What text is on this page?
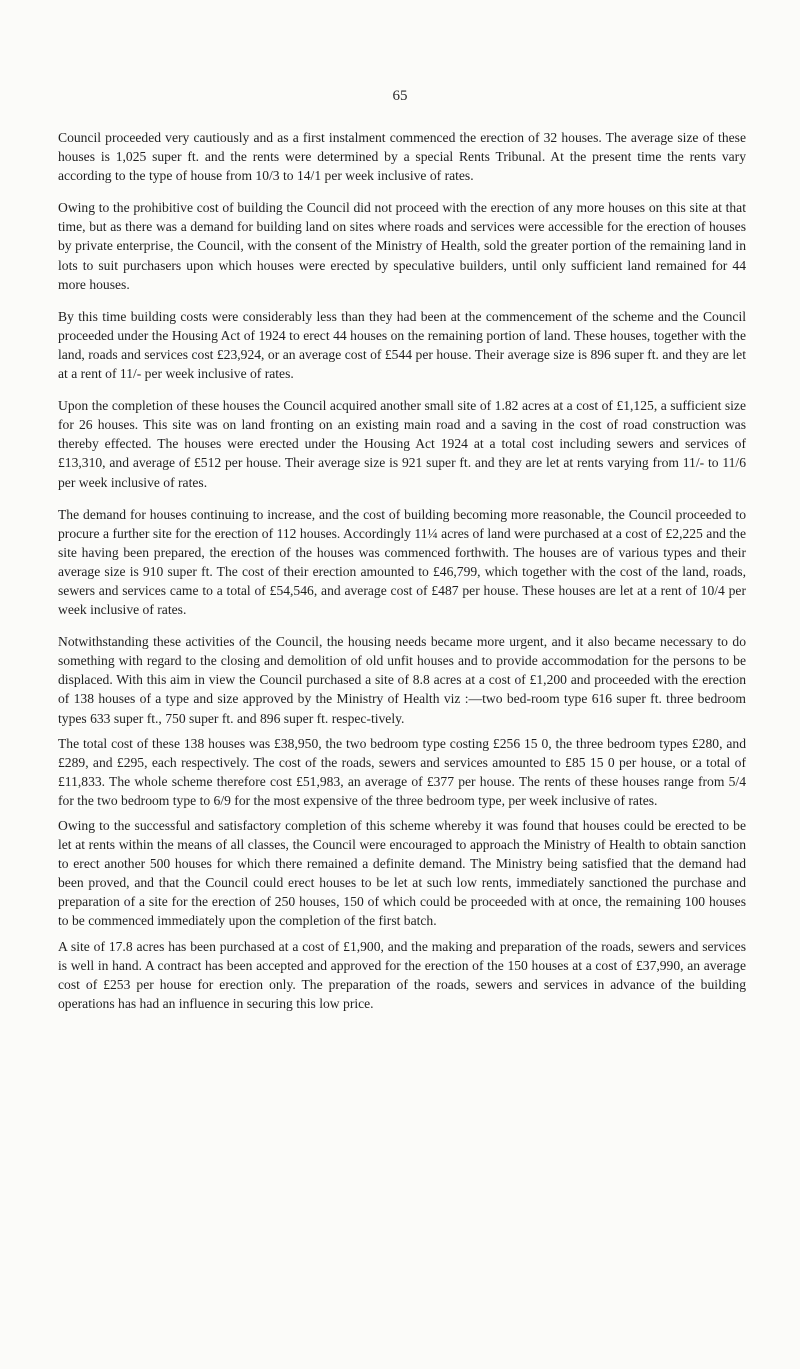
65

Council proceeded very cautiously and as a first instalment commenced the erection of 32 houses. The average size of these houses is 1,025 super ft. and the rents were determined by a special Rents Tribunal. At the present time the rents vary according to the type of house from 10/3 to 14/1 per week inclusive of rates.

Owing to the prohibitive cost of building the Council did not proceed with the erection of any more houses on this site at that time, but as there was a demand for building land on sites where roads and services were accessible for the erection of houses by private enterprise, the Council, with the consent of the Ministry of Health, sold the greater portion of the remaining land in lots to suit purchasers upon which houses were erected by speculative builders, until only sufficient land remained for 44 more houses.

By this time building costs were considerably less than they had been at the commencement of the scheme and the Council proceeded under the Housing Act of 1924 to erect 44 houses on the remaining portion of land. These houses, together with the land, roads and services cost £23,924, or an average cost of £544 per house. Their average size is 896 super ft. and they are let at a rent of 11/- per week inclusive of rates.

Upon the completion of these houses the Council acquired another small site of 1.82 acres at a cost of £1,125, a sufficient size for 26 houses. This site was on land fronting on an existing main road and a saving in the cost of road construction was thereby effected. The houses were erected under the Housing Act 1924 at a total cost including sewers and services of £13,310, and average of £512 per house. Their average size is 921 super ft. and they are let at rents varying from 11/- to 11/6 per week inclusive of rates.

The demand for houses continuing to increase, and the cost of building becoming more reasonable, the Council proceeded to procure a further site for the erection of 112 houses. Accordingly 11¼ acres of land were purchased at a cost of £2,225 and the site having been prepared, the erection of the houses was commenced forthwith. The houses are of various types and their average size is 910 super ft. The cost of their erection amounted to £46,799, which together with the cost of the land, roads, sewers and services came to a total of £54,546, and average cost of £487 per house. These houses are let at a rent of 10/4 per week inclusive of rates.

Notwithstanding these activities of the Council, the housing needs became more urgent, and it also became necessary to do something with regard to the closing and demolition of old unfit houses and to provide accommodation for the persons to be displaced. With this aim in view the Council purchased a site of 8.8 acres at a cost of £1,200 and proceeded with the erection of 138 houses of a type and size approved by the Ministry of Health viz :—two bed-room type 616 super ft. three bedroom types 633 super ft., 750 super ft. and 896 super ft. respec-tively.

The total cost of these 138 houses was £38,950, the two bedroom type costing £256 15 0, the three bedroom types £280, and £289, and £295, each respectively. The cost of the roads, sewers and services amounted to £85 15 0 per house, or a total of £11,833. The whole scheme therefore cost £51,983, an average of £377 per house. The rents of these houses range from 5/4 for the two bedroom type to 6/9 for the most expensive of the three bedroom type, per week inclusive of rates.

Owing to the successful and satisfactory completion of this scheme whereby it was found that houses could be erected to be let at rents within the means of all classes, the Council were encouraged to approach the Ministry of Health to obtain sanction to erect another 500 houses for which there remained a definite demand. The Ministry being satisfied that the demand had been proved, and that the Council could erect houses to be let at such low rents, immediately sanctioned the purchase and preparation of a site for the erection of 250 houses, 150 of which could be proceeded with at once, the remaining 100 houses to be commenced immediately upon the completion of the first batch.

A site of 17.8 acres has been purchased at a cost of £1,900, and the making and preparation of the roads, sewers and services is well in hand. A contract has been accepted and approved for the erection of the 150 houses at a cost of £37,990, an average cost of £253 per house for erection only. The preparation of the roads, sewers and services in advance of the building operations has had an influence in securing this low price.
